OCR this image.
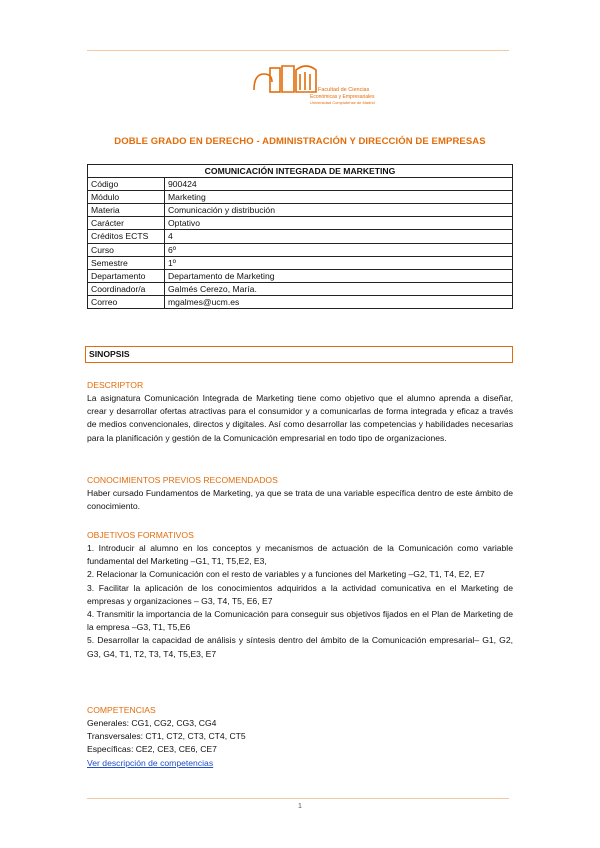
Facultad de Ciencias
Económicas y Empresariales
Universidad Complutense de Madrid
DOBLE GRADO EN DERECHO - ADMINISTRACIÓN Y DIRECCIÓN DE EMPRESAS
COMUNICACIÓN INTEGRADA DE MARKETING	
Código	900424
Módulo	Marketing
Materia	Comunicación y distribución
Carácter	Optativo
Créditos ECTS	4
Curso	6º
Semestre	1º
Departamento	Departamento de Marketing
Coordinador/a	Galmés Cerezo, María.
Correo	mgalmes@ucm.es
SINOPSIS
DESCRIPTOR

La asignatura Comunicación Integrada de Marketing tiene como objetivo que el alumno aprenda a diseñar, crear y desarrollar ofertas atractivas para el consumidor y a comunicarlas de forma integrada y eficaz a través de medios convencionales, directos y digitales. Así como desarrollar las competencias y habilidades necesarias para la planificación y gestión de la Comunicación empresarial en todo tipo de organizaciones.

CONOCIMIENTOS PREVIOS RECOMENDADOS

Haber cursado Fundamentos de Marketing, ya que se trata de una variable específica dentro de este ámbito de conocimiento.

OBJETIVOS FORMATIVOS

1. Introducir al alumno en los conceptos y mecanismos de actuación de la Comunicación como variable fundamental del Marketing –G1, T1, T5,E2, E3,

2. Relacionar la Comunicación con el resto de variables y a funciones del Marketing –G2, T1, T4, E2, E7

3. Facilitar la aplicación de los conocimientos adquiridos a la actividad comunicativa en el Marketing de empresas y organizaciones – G3, T4, T5, E6, E7

4. Transmitir la importancia de la Comunicación para conseguir sus objetivos fijados en el Plan de Marketing de la empresa –G3, T1, T5,E6

5. Desarrollar la capacidad de análisis y síntesis dentro del ámbito de la Comunicación empresarial– G1, G2, G3, G4, T1, T2, T3, T4, T5,E3, E7

COMPETENCIAS

Generales: CG1, CG2, CG3, CG4

Transversales: CT1, CT2, CT3, CT4, CT5

Específicas: CE2, CE3, CE6, CE7

Ver descripción de competencias

1
